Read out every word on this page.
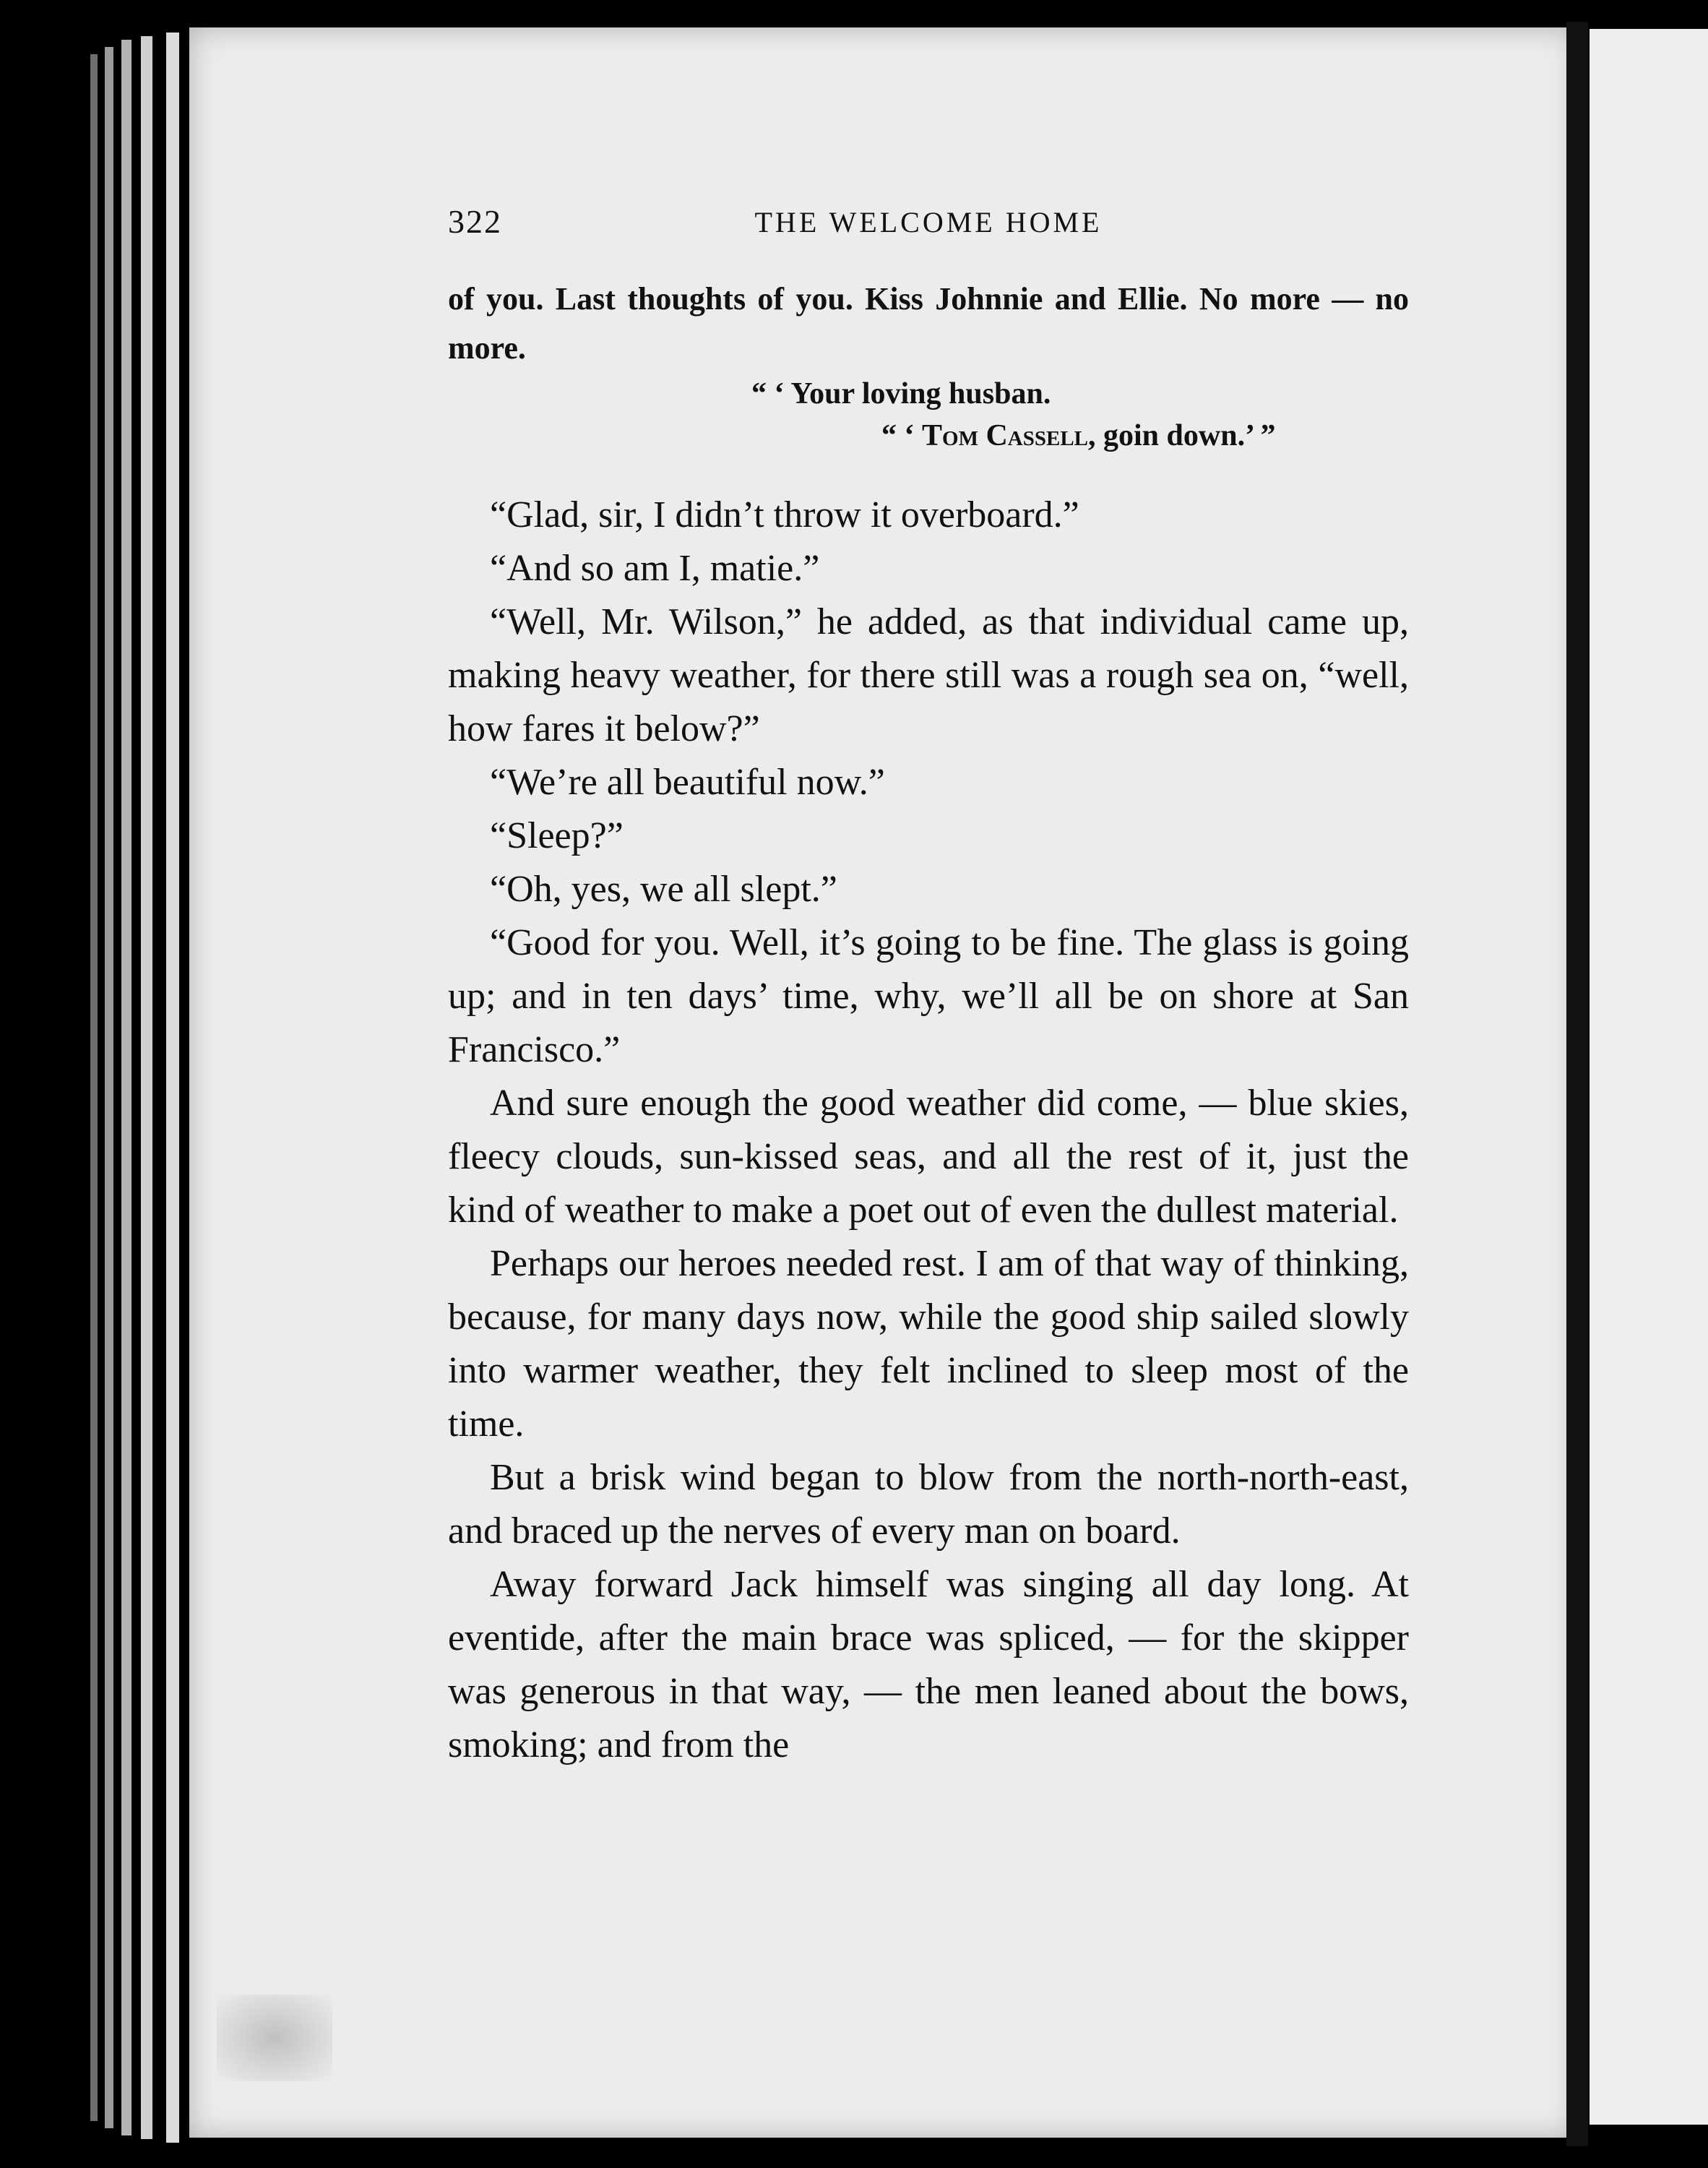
322	THE WELCOME HOME
of you. Last thoughts of you. Kiss Johnnie and Ellie. No more — no more.
“ ‘ Your loving husban.
“ ‘ Tom Cassell, goin down.’ ”

“Glad, sir, I didn’t throw it overboard.”

“And so am I, matie.”

“Well, Mr. Wilson,” he added, as that individual came up, making heavy weather, for there still was a rough sea on, “well, how fares it below?”

“We’re all beautiful now.”

“Sleep?”

“Oh, yes, we all slept.”

“Good for you. Well, it’s going to be fine. The glass is going up; and in ten days’ time, why, we’ll all be on shore at San Francisco.”

And sure enough the good weather did come, — blue skies, fleecy clouds, sun-kissed seas, and all the rest of it, just the kind of weather to make a poet out of even the dullest material.

Perhaps our heroes needed rest. I am of that way of thinking, because, for many days now, while the good ship sailed slowly into warmer weather, they felt inclined to sleep most of the time.

But a brisk wind began to blow from the north-north-east, and braced up the nerves of every man on board.

Away forward Jack himself was singing all day long. At eventide, after the main brace was spliced, — for the skipper was generous in that way, — the men leaned about the bows, smoking; and from the
